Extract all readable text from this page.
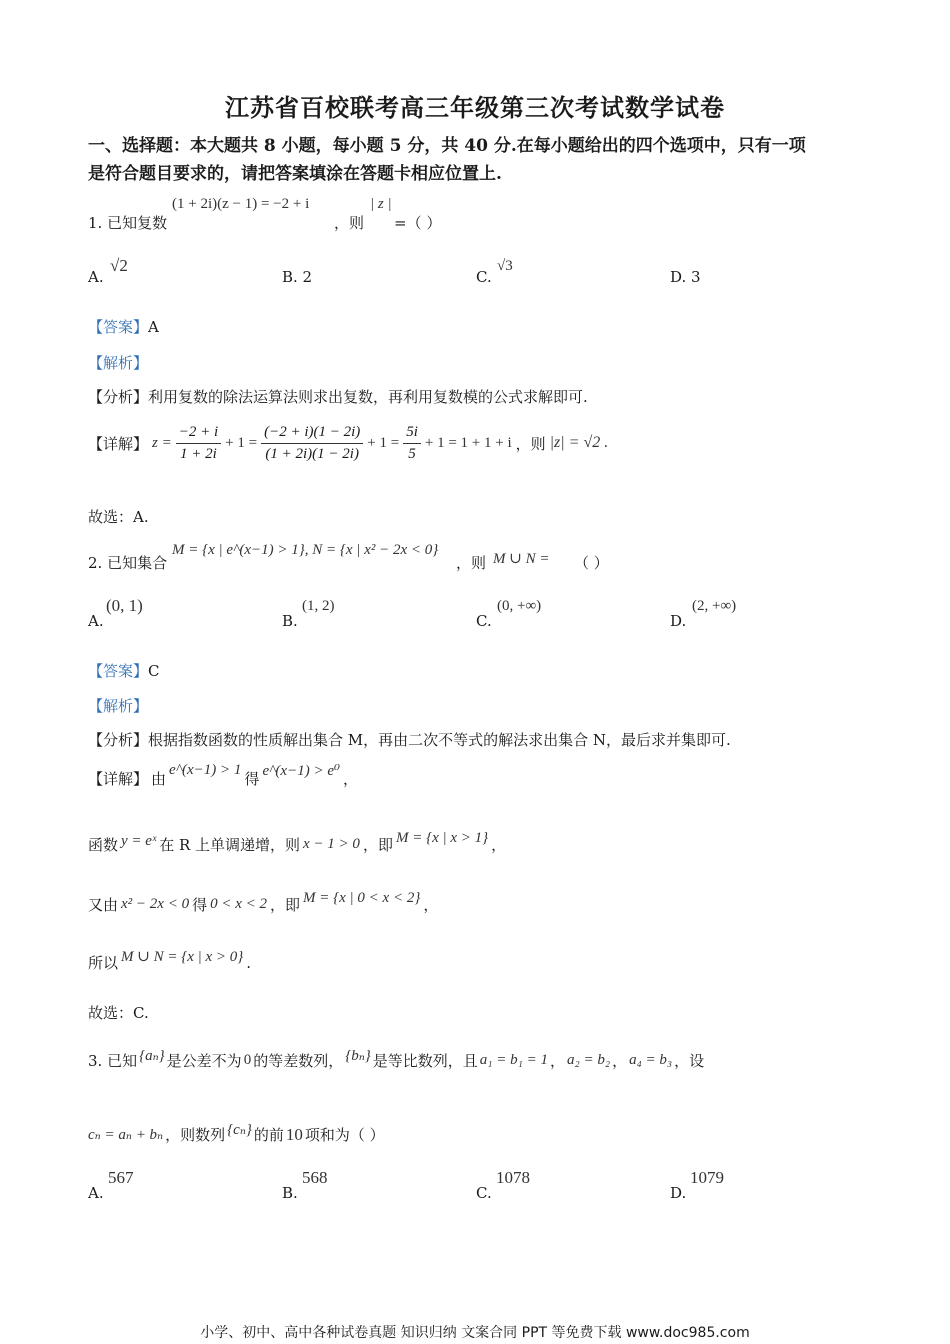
江苏省百校联考高三年级第三次考试数学试卷
一、选择题：本大题共 8 小题，每小题 5 分，共 40 分.在每小题给出的四个选项中，只有一项
是符合题目要求的，请把答案填涂在答题卡相应位置上.
1. 已知复数
(1 + 2i)(z − 1) = −2 + i
，则
| z |
=（ ）
A.
√2
B. 2	C.
√3
D. 3
【答案】A
【解析】
【分析】利用复数的除法运算法则求出复数，再利用复数模的公式求解即可.
【详解】 $z = \frac{-2 + i}{1 + 2i} + 1 = \frac{(-2 + i)(1 - 2i)}{(1 + 2i)(1 - 2i)} + 1 = \frac{5i}{5} + 1 = 1 + 1 + i$ ，则 |z| = √2 .
故选：A.
2. 已知集合
M = {x | e^(x−1) > 1}, N = {x | x² − 2x < 0}
，则 M ∪ N = （ ）
A.
(0, 1)
B.
(1, 2)
C.
(0, +∞)
D.
(2, +∞)
【答案】C
【解析】
【分析】根据指数函数的性质解出集合 M，再由二次不等式的解法求出集合 N，最后求并集即可.
【详解】 由 e^(x−1) > 1 得 e^(x−1) > e⁰ ，
函数 y = eˣ 在 R 上单调递增，则 x − 1 > 0 ，即 M = {x | x > 1} ，
又由 x² − 2x < 0 得 0 < x < 2 ，即 M = {x | 0 < x < 2} ，
所以 M ∪ N = {x | x > 0} .
故选：C.
3. 已知 {aₙ} 是公差不为 0 的等差数列， {bₙ} 是等比数列，且 a₁ = b₁ = 1 ， a₂ = b₂ ， a₄ = b₃ ，设
cₙ = aₙ + bₙ ，则数列 {cₙ} 的前 10 项和为（ ）
A.
567
B.
568
C.
1078
D.
1079
小学、初中、高中各种试卷真题 知识归纳 文案合同 PPT 等免费下载 www.doc985.com
